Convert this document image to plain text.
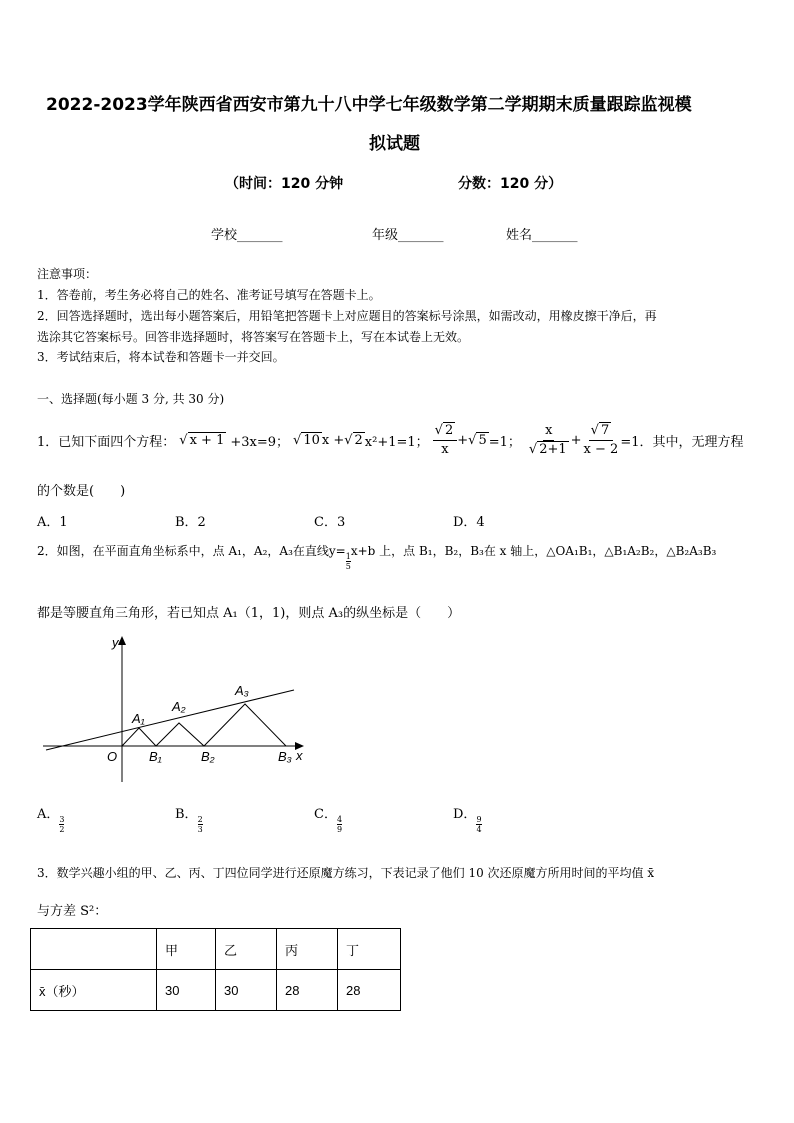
2022-2023学年陕西省西安市第九十八中学七年级数学第二学期期末质量跟踪监视模
拟试题
（时间：120 分钟	分数：120 分）
学校_______	年级_______	姓名_______
注意事项：
1．答卷前，考生务必将自己的姓名、准考证号填写在答题卡上。
2．回答选择题时，选出每小题答案后，用铅笔把答题卡上对应题目的答案标号涂黑，如需改动，用橡皮擦干净后，再
选涂其它答案标号。回答非选择题时，将答案写在答题卡上，写在本试卷上无效。
3．考试结束后，将本试卷和答题卡一并交回。
一、选择题(每小题 3 分, 共 30 分)
1．已知下面四个方程： √ x + 1 +3x=9； √ 10 x + √ 2 x²+1=1； $\frac{√ 2}{x}$ + √ 5 =1； $\frac{x}{√ 2+1} + \frac{√ 7}{x - 2} =1$．其中，无理方程
的个数是(　　)
A．1	B．2	C．3	D．4
2．如图，在平面直角坐标系中，点 A₁，A₂，A₃在直线y=
$\frac{1}{5}$
x+b 上，点 B₁，B₂，B₃在 x 轴上，△OA₁B₁，△B₁A₂B₂，△B₂A₃B₃
都是等腰直角三角形，若已知点 A₁（1，1)，则点 A₃的纵坐标是（　　）
y
x
O
A₁
A₂
A₃
B₁	B₂	B₃
A．
$\frac{3}{2}$
B．
$\frac{2}{3}$
C．
$\frac{4}{9}$
D．
$\frac{9}{4}$
3．数学兴趣小组的甲、乙、丙、丁四位同学进行还原魔方练习，下表记录了他们 10 次还原魔方所用时间的平均值 x̄
与方差 S²：
	甲	乙	丙	丁
x̄（秒）	30	30	28	28
